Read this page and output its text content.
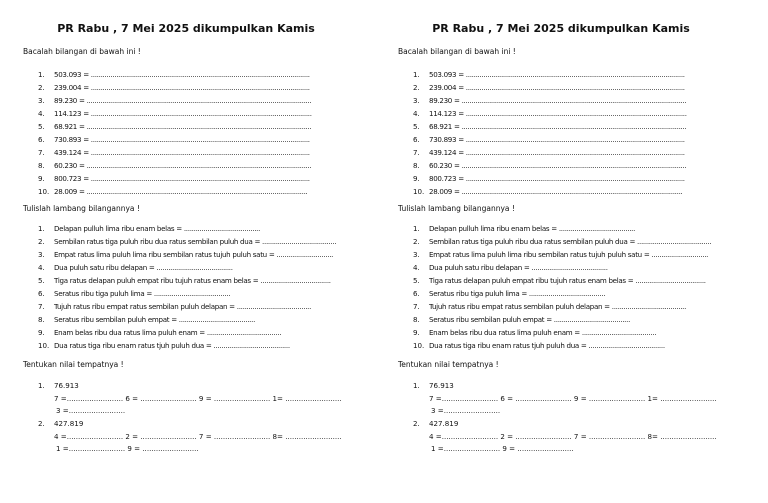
PR Rabu , 7 Mei 2025 dikumpulkan Kamis
Bacalah bilangan di bawah ini !
1. 503.093 = ................................................................................................................
2. 239.004 = ................................................................................................................
3. 89.230 = ...................................................................................................................
4. 114.123 = .................................................................................................................
5. 68.921 = ...................................................................................................................
6. 730.893 = ................................................................................................................
7. 439.124 = ................................................................................................................
8. 60.230 = ...................................................................................................................
9. 800.723 = ................................................................................................................
10. 28.009 = .................................................................................................................
Tulislah lambang bilangannya !
1. Delapan pulluh lima ribu enam belas = .......................................
2. Sembilan ratus tiga puluh ribu dua ratus sembilan puluh dua = ......................................
3. Empat ratus lima puluh lima ribu sembilan ratus tujuh puluh satu = .............................
4. Dua puluh satu ribu delapan = .......................................
5. Tiga ratus delapan puluh empat ribu tujuh ratus enam belas = ....................................
6. Seratus ribu tiga puluh lima = .......................................
7. Tujuh ratus ribu empat ratus sembilan puluh delapan = ......................................
8. Seratus ribu sembilan puluh empat = .......................................
9. Enam belas ribu dua ratus lima puluh enam = ......................................
10. Dua ratus tiga ribu enam ratus tjuh puluh dua = .......................................
Tentukan nilai tempatnya !
1. 76.913
7 =......................... 6 = ......................... 9 = ......................... 1= .........................
3 =.........................
2. 427.819
4 =......................... 2 = ......................... 7 = ......................... 8= .........................
1 =......................... 9 = .........................
PR Rabu , 7 Mei 2025 dikumpulkan Kamis
Bacalah bilangan di bawah ini !
1. 503.093 = ................................................................................................................
2. 239.004 = ................................................................................................................
3. 89.230 = ...................................................................................................................
4. 114.123 = .................................................................................................................
5. 68.921 = ...................................................................................................................
6. 730.893 = ................................................................................................................
7. 439.124 = ................................................................................................................
8. 60.230 = ...................................................................................................................
9. 800.723 = ................................................................................................................
10. 28.009 = .................................................................................................................
Tulislah lambang bilangannya !
1. Delapan pulluh lima ribu enam belas = .......................................
2. Sembilan ratus tiga puluh ribu dua ratus sembilan puluh dua = ......................................
3. Empat ratus lima puluh lima ribu sembilan ratus tujuh puluh satu = .............................
4. Dua puluh satu ribu delapan = .......................................
5. Tiga ratus delapan puluh empat ribu tujuh ratus enam belas = ....................................
6. Seratus ribu tiga puluh lima = .......................................
7. Tujuh ratus ribu empat ratus sembilan puluh delapan = ......................................
8. Seratus ribu sembilan puluh empat = .......................................
9. Enam belas ribu dua ratus lima puluh enam = ......................................
10. Dua ratus tiga ribu enam ratus tjuh puluh dua = .......................................
Tentukan nilai tempatnya !
1. 76.913
7 =......................... 6 = ......................... 9 = ......................... 1= .........................
3 =.........................
2. 427.819
4 =......................... 2 = ......................... 7 = ......................... 8= .........................
1 =......................... 9 = .........................
